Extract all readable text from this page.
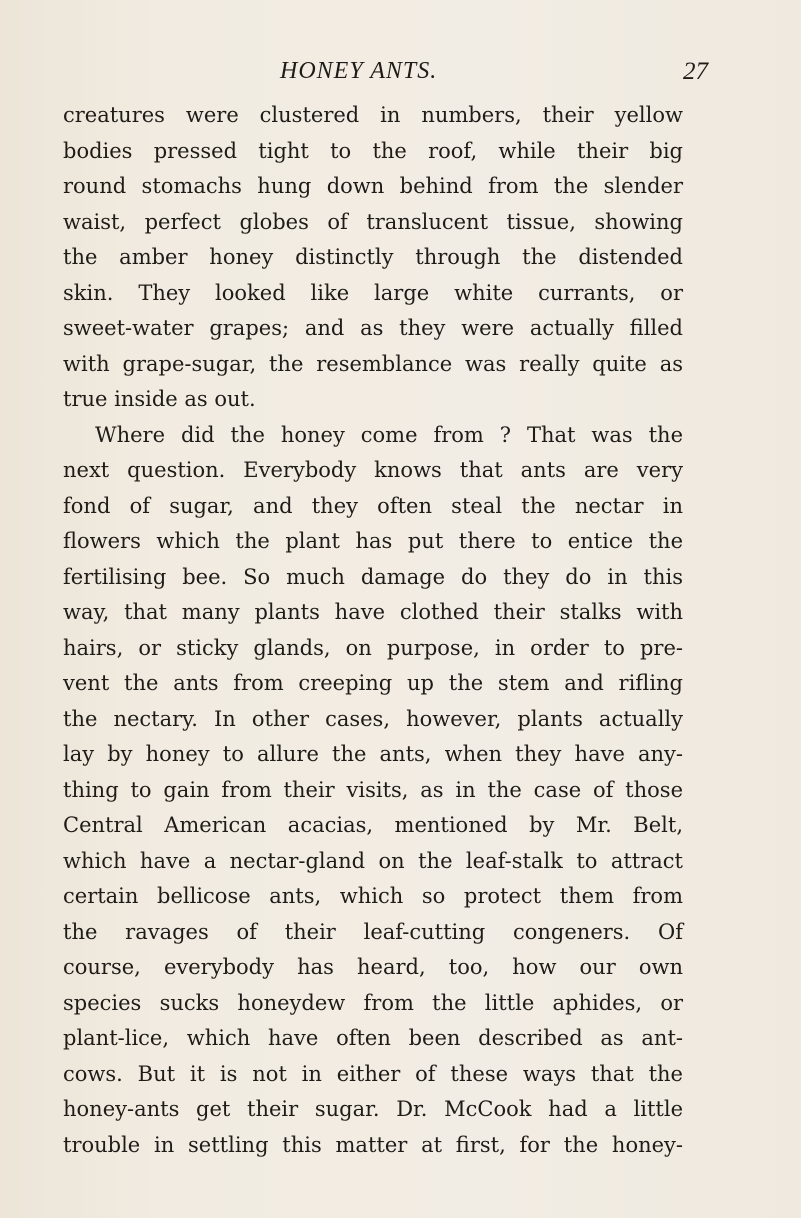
HONEY ANTS.	27
creatures were clustered in numbers, their yellow
bodies pressed tight to the roof, while their big
round stomachs hung down behind from the slender
waist, perfect globes of translucent tissue, showing
the amber honey distinctly through the distended
skin. They looked like large white currants, or
sweet-water grapes; and as they were actually filled
with grape-sugar, the resemblance was really quite as
true inside as out.
Where did the honey come from ? That was the
next question. Everybody knows that ants are very
fond of sugar, and they often steal the nectar in
flowers which the plant has put there to entice the
fertilising bee. So much damage do they do in this
way, that many plants have clothed their stalks with
hairs, or sticky glands, on purpose, in order to pre-
vent the ants from creeping up the stem and rifling
the nectary. In other cases, however, plants actually
lay by honey to allure the ants, when they have any-
thing to gain from their visits, as in the case of those
Central American acacias, mentioned by Mr. Belt,
which have a nectar-gland on the leaf-stalk to attract
certain bellicose ants, which so protect them from
the ravages of their leaf-cutting congeners. Of
course, everybody has heard, too, how our own
species sucks honeydew from the little aphides, or
plant-lice, which have often been described as ant-
cows. But it is not in either of these ways that the
honey-ants get their sugar. Dr. McCook had a little
trouble in settling this matter at first, for the honey-
